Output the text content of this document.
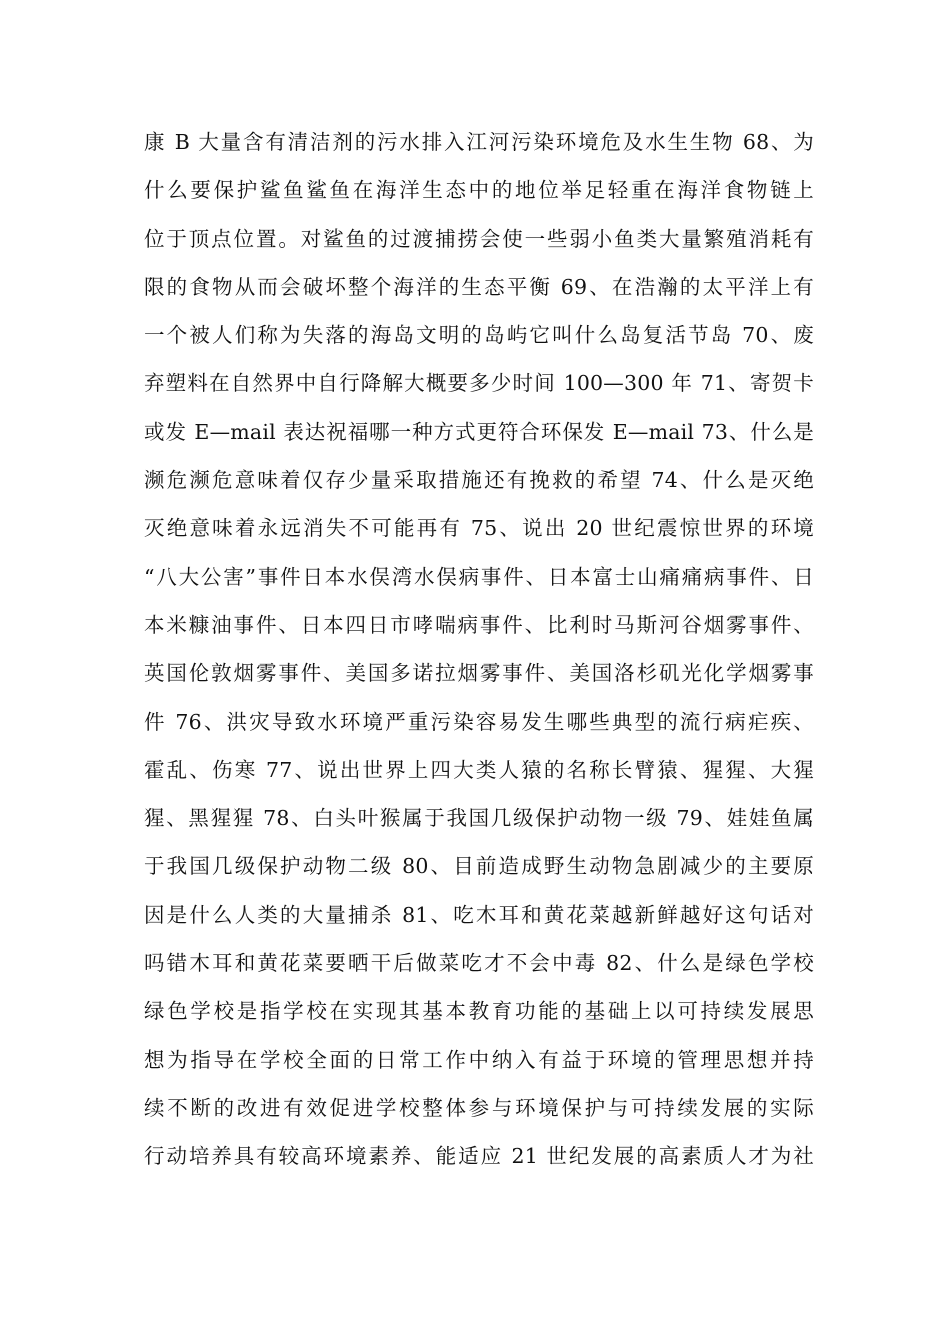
康 B 大量含有清洁剂的污水排入江河污染环境危及水生生物 68、为
什么要保护鲨鱼鲨鱼在海洋生态中的地位举足轻重在海洋食物链上
位于顶点位置。对鲨鱼的过渡捕捞会使一些弱小鱼类大量繁殖消耗有
限的食物从而会破坏整个海洋的生态平衡 69、在浩瀚的太平洋上有
一个被人们称为失落的海岛文明的岛屿它叫什么岛复活节岛 70、废
弃塑料在自然界中自行降解大概要多少时间 100—300 年 71、寄贺卡
或发 E—mail 表达祝福哪一种方式更符合环保发 E—mail 73、什么是
濒危濒危意味着仅存少量采取措施还有挽救的希望 74、什么是灭绝
灭绝意味着永远消失不可能再有 75、说出 20 世纪震惊世界的环境
“八大公害”事件日本水俣湾水俣病事件、日本富士山痛痛病事件、日
本米糠油事件、日本四日市哮喘病事件、比利时马斯河谷烟雾事件、
英国伦敦烟雾事件、美国多诺拉烟雾事件、美国洛杉矶光化学烟雾事
件 76、洪灾导致水环境严重污染容易发生哪些典型的流行病疟疾、
霍乱、伤寒 77、说出世界上四大类人猿的名称长臂猿、猩猩、大猩
猩、黑猩猩 78、白头叶猴属于我国几级保护动物一级 79、娃娃鱼属
于我国几级保护动物二级 80、目前造成野生动物急剧减少的主要原
因是什么人类的大量捕杀 81、吃木耳和黄花菜越新鲜越好这句话对
吗错木耳和黄花菜要晒干后做菜吃才不会中毒 82、什么是绿色学校
绿色学校是指学校在实现其基本教育功能的基础上以可持续发展思
想为指导在学校全面的日常工作中纳入有益于环境的管理思想并持
续不断的改进有效促进学校整体参与环境保护与可持续发展的实际
行动培养具有较高环境素养、能适应 21 世纪发展的高素质人才为社
